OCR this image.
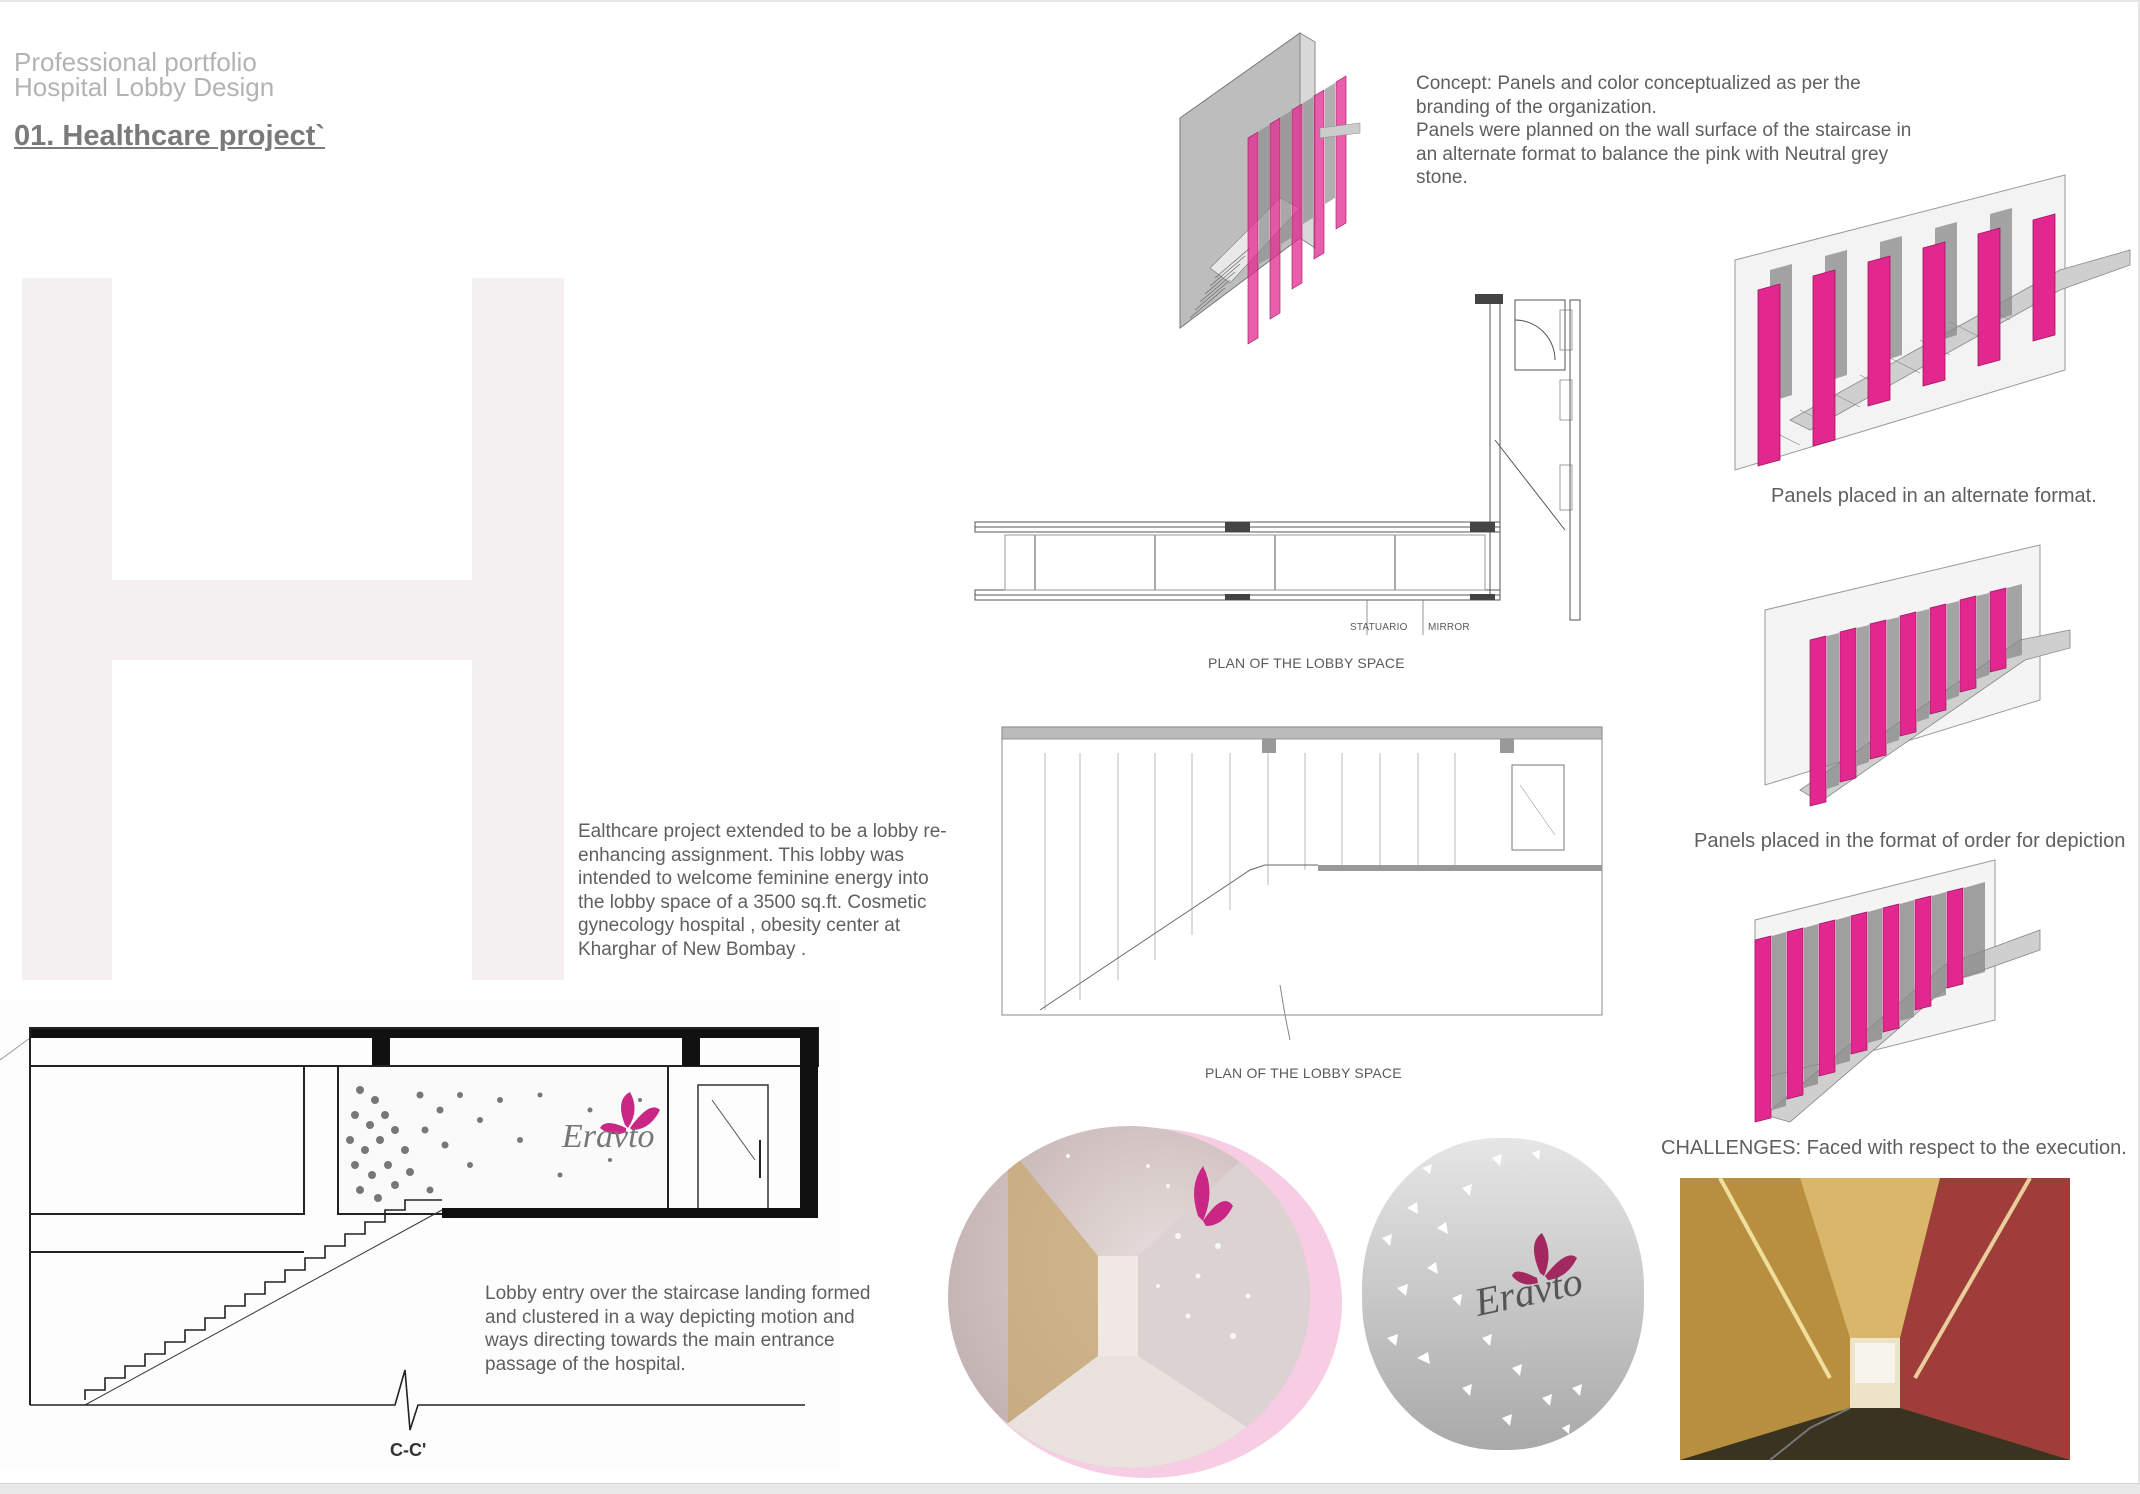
Professional portfolio
Hospital Lobby Design
01. Healthcare project`
Ealthcare project extended to be a lobby re-enhancing assignment. This lobby was intended to welcome feminine energy into the lobby space of a 3500 sq.ft. Cosmetic gynecology hospital , obesity center at Kharghar of New Bombay .
Concept: Panels and color conceptualized as per the branding of the organization.
Panels were planned on the wall surface of the staircase in an alternate format to balance the pink with Neutral grey stone.
STATUARIO MIRROR
PLAN OF THE LOBBY SPACE
PLAN OF THE LOBBY SPACE
Panels placed in an alternate format.
Panels placed in the format of order for depiction
CHALLENGES: Faced with respect to the execution.
Eravto
C-C'
Lobby entry over the staircase landing formed and clustered in a way depicting motion and ways directing towards the main entrance passage of the hospital.
Eravto
